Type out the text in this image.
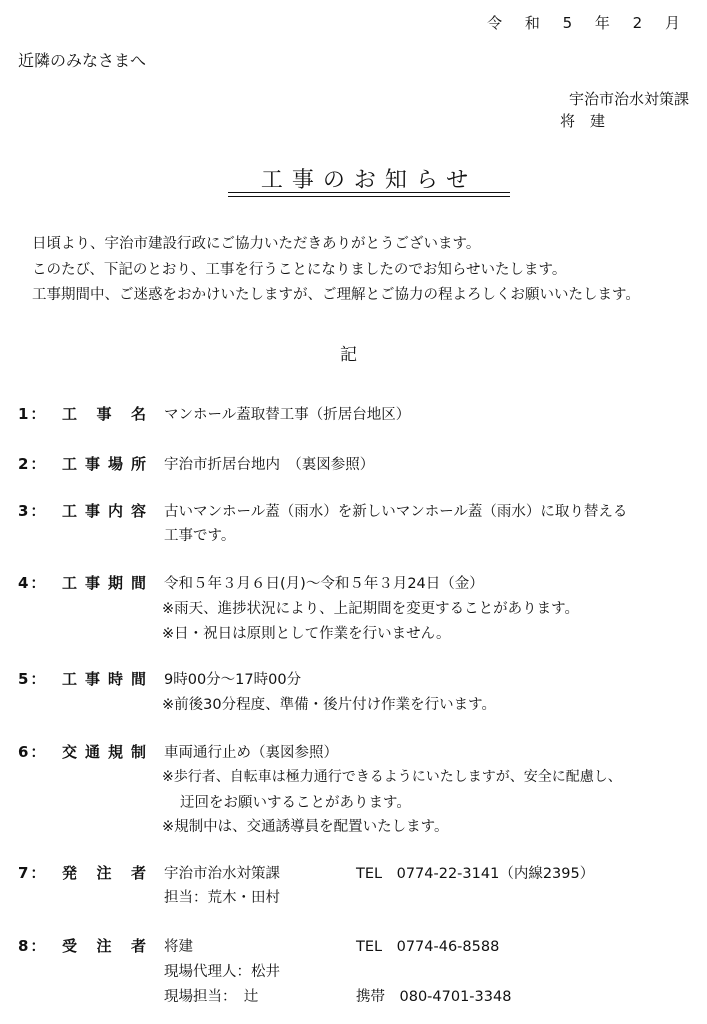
令 和 5 年 2 月
近隣のみなさまへ
宇治市治水対策課
将　建
工事のお知らせ
日頃より、宇治市建設行政にご協力いただきありがとうございます。
このたび、下記のとおり、工事を行うことになりましたのでお知らせいたします。
工事期間中、ご迷惑をおかけいたしますが、ご理解とご協力の程よろしくお願いいたします。
記
1： 工 事 名 マンホール蓋取替工事（折居台地区）
2： 工 事 場 所 宇治市折居台地内　（裏図参照）
3： 工 事 内 容 古いマンホール蓋（雨水）を新しいマンホール蓋（雨水）に取り替える
工事です。
4： 工 事 期 間 令和５年３月６日(月)～令和５年３月24日（金）
※雨天、進捗状況により、上記期間を変更することがあります。
※日・祝日は原則として作業を行いません。
5： 工 事 時 間 9時00分～17時00分
※前後30分程度、準備・後片付け作業を行います。
6： 交 通 規 制 車両通行止め（裏図参照）
※歩行者、自転車は極力通行できるようにいたしますが、安全に配慮し、
迂回をお願いすることがあります。
※規制中は、交通誘導員を配置いたします。
7： 発 注 者 宇治市治水対策課
担当：荒木・田村
TEL　0774-22-3141（内線2395）
8： 受 注 者 将建
現場代理人：松井
現場担当：　辻
TEL　0774-46-8588
携帯　080-4701-3348
